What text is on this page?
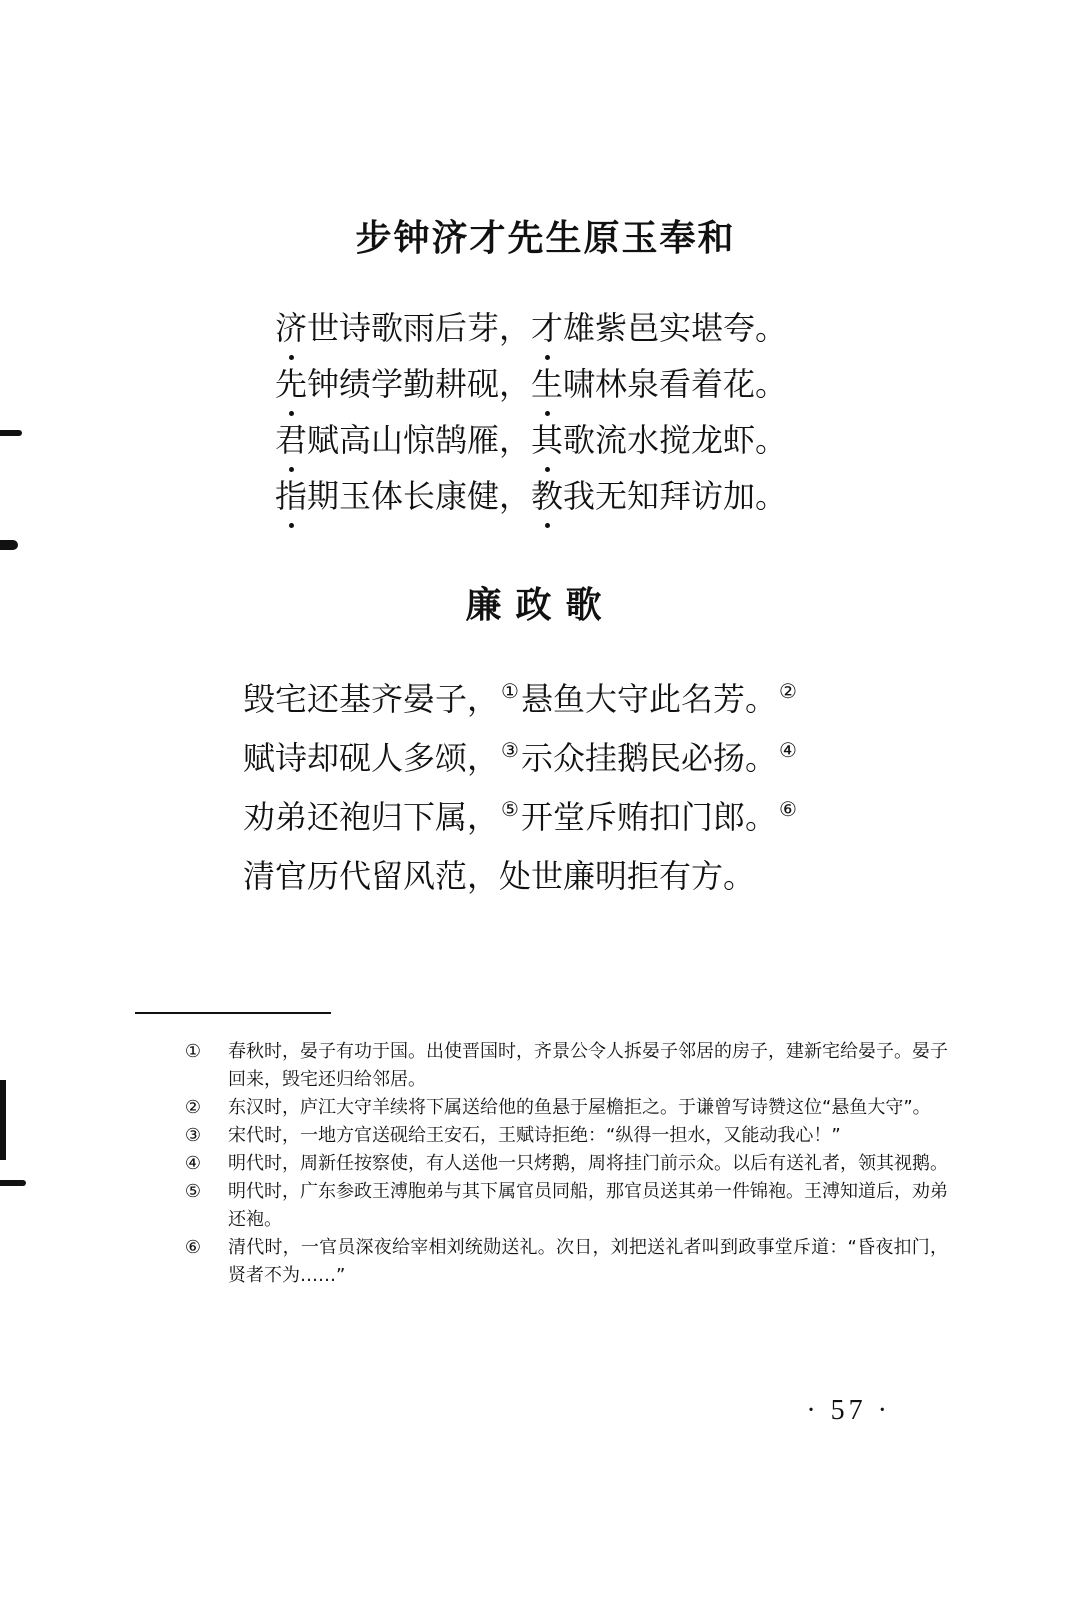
步钟济才先生原玉奉和
济世诗歌雨后芽，才雄紫邑实堪夸。
先钟绩学勤耕砚，生啸林泉看着花。
君赋高山惊鹄雁，其歌流水搅龙虾。
指期玉体长康健，教我无知拜访加。
廉政歌
毁宅还基齐晏子， ①悬鱼大守此名芳。 ②
赋诗却砚人多颂， ③示众挂鹅民必扬。 ④
劝弟还袍归下属， ⑤开堂斥贿扣门郎。 ⑥
清官历代留风范，处世廉明拒有方。
①	春秋时，晏子有功于国。出使晋国时，齐景公令人拆晏子邻居的房子，建新宅给晏子。晏子回来，毁宅还归给邻居。
②	东汉时，庐江大守羊续将下属送给他的鱼悬于屋檐拒之。于谦曾写诗赞这位“悬鱼大守”。
③	宋代时，一地方官送砚给王安石，王赋诗拒绝：“纵得一担水，又能动我心！”
④	明代时，周新任按察使，有人送他一只烤鹅，周将挂门前示众。以后有送礼者，领其视鹅。
⑤	明代时，广东参政王溥胞弟与其下属官员同船，那官员送其弟一件锦袍。王溥知道后，劝弟还袍。
⑥	清代时，一官员深夜给宰相刘统勋送礼。次日，刘把送礼者叫到政事堂斥道：“昏夜扣门，贤者不为……”
· 57 ·
